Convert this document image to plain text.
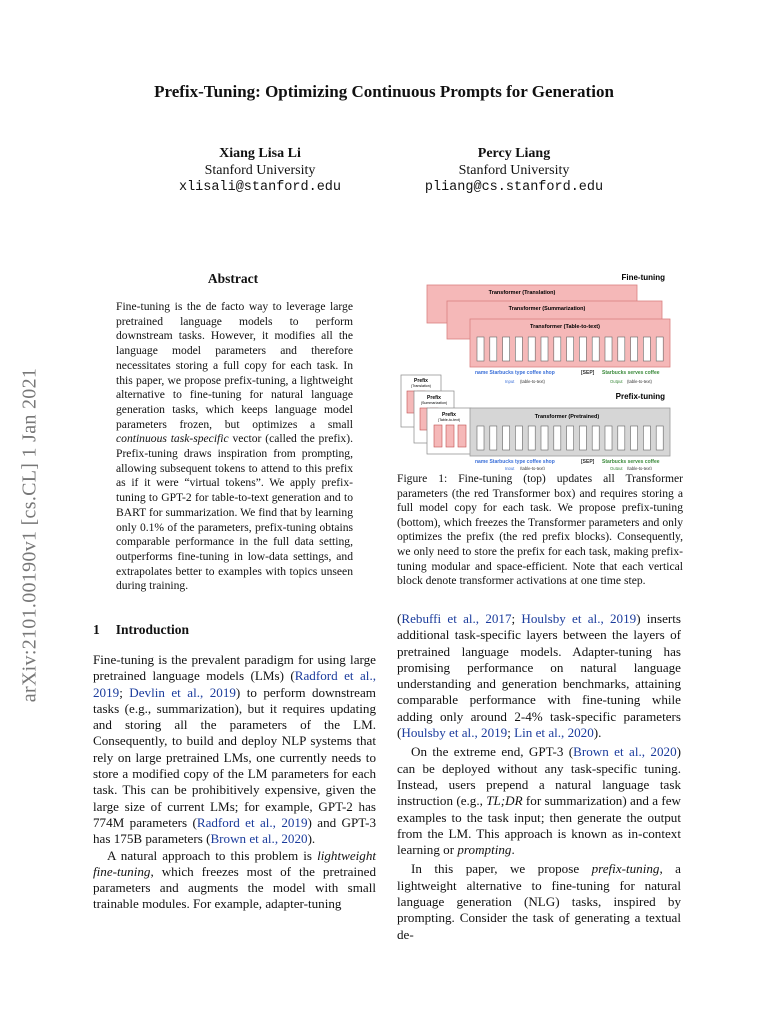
Prefix-Tuning: Optimizing Continuous Prompts for Generation
Xiang Lisa Li
Stanford University
xlisali@stanford.edu
Percy Liang
Stanford University
pliang@cs.stanford.edu
arXiv:2101.00190v1 [cs.CL] 1 Jan 2021
Abstract
Fine-tuning is the de facto way to leverage large pretrained language models to perform downstream tasks. However, it modifies all the language model parameters and therefore necessitates storing a full copy for each task. In this paper, we propose prefix-tuning, a lightweight alternative to fine-tuning for natural language generation tasks, which keeps language model parameters frozen, but optimizes a small continuous task-specific vector (called the prefix). Prefix-tuning draws inspiration from prompting, allowing subsequent tokens to attend to this prefix as if it were “virtual tokens”. We apply prefix-tuning to GPT-2 for table-to-text generation and to BART for summarization. We find that by learning only 0.1% of the parameters, prefix-tuning obtains comparable performance in the full data setting, outperforms fine-tuning in low-data settings, and extrapolates better to examples with topics unseen during training.
1 Introduction

Fine-tuning is the prevalent paradigm for using large pretrained language models (LMs) (Radford et al., 2019; Devlin et al., 2019) to perform downstream tasks (e.g., summarization), but it requires updating and storing all the parameters of the LM. Consequently, to build and deploy NLP systems that rely on large pretrained LMs, one currently needs to store a modified copy of the LM parameters for each task. This can be prohibitively expensive, given the large size of current LMs; for example, GPT-2 has 774M parameters (Radford et al., 2019) and GPT-3 has 175B parameters (Brown et al., 2020).

A natural approach to this problem is lightweight fine-tuning, which freezes most of the pretrained parameters and augments the model with small trainable modules. For example, adapter-tuning

Fine-tuning
Transformer (Translation)
Transformer (Summarization)
Transformer (Table-to-text)
name Starbucks type coffee shop	[SEP] Starbucks serves coffee
Input (table-to-text)	Output (table-to-text)
Prefix-tuning
Prefix
(Translation)
Prefix
(Summarization)
Prefix
(Table-to-text)	Transformer (Pretrained)
name Starbucks type coffee shop	[SEP] Starbucks serves coffee
Input (table-to-text)	Output (table-to-text)
Figure 1: Fine-tuning (top) updates all Transformer parameters (the red Transformer box) and requires storing a full model copy for each task. We propose prefix-tuning (bottom), which freezes the Transformer parameters and only optimizes the prefix (the red prefix blocks). Consequently, we only need to store the prefix for each task, making prefix-tuning modular and space-efficient. Note that each vertical block denote transformer activations at one time step.

(Rebuffi et al., 2017; Houlsby et al., 2019) inserts additional task-specific layers between the layers of pretrained language models. Adapter-tuning has promising performance on natural language understanding and generation benchmarks, attaining comparable performance with fine-tuning while adding only around 2-4% task-specific parameters (Houlsby et al., 2019; Lin et al., 2020).

On the extreme end, GPT-3 (Brown et al., 2020) can be deployed without any task-specific tuning. Instead, users prepend a natural language task instruction (e.g., TL;DR for summarization) and a few examples to the task input; then generate the output from the LM. This approach is known as in-context learning or prompting.

In this paper, we propose prefix-tuning, a lightweight alternative to fine-tuning for natural language generation (NLG) tasks, inspired by prompting. Consider the task of generating a textual de-
